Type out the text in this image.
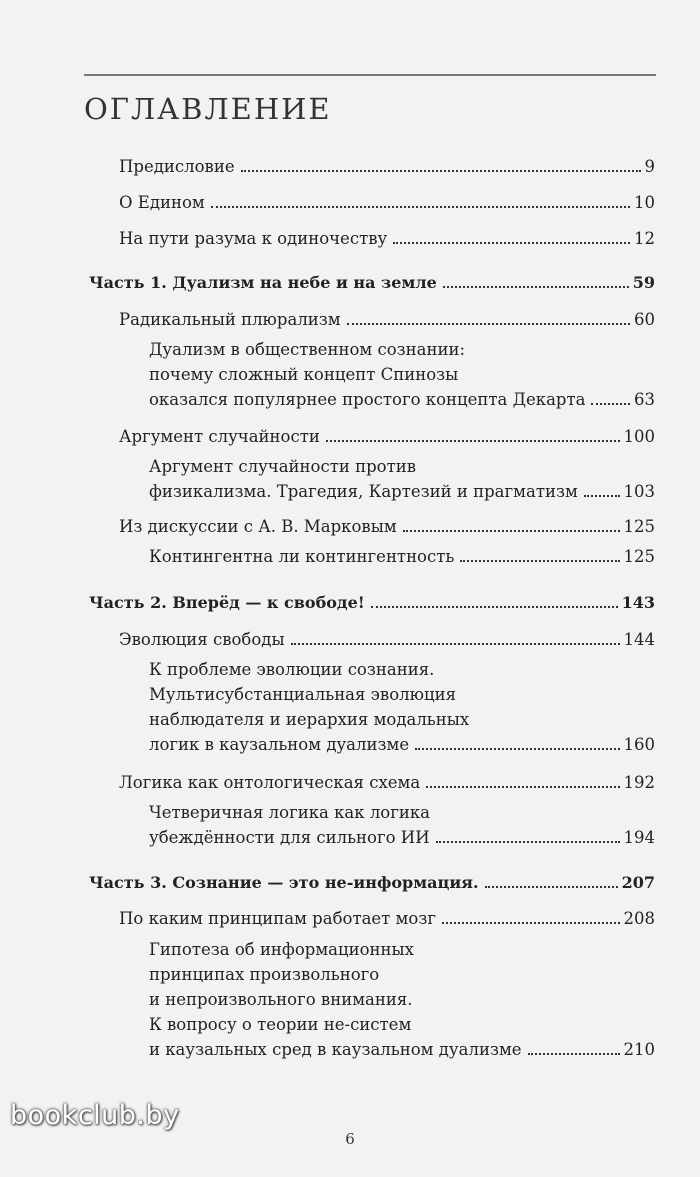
ОГЛАВЛЕНИЕ
Предисловие	9
О Едином	10
На пути разума к одиночеству	12
Часть 1. Дуализм на небе и на земле	59
Радикальный плюрализм	60
Дуализм в общественном сознании:
почему сложный концепт Спинозы
оказался популярнее простого концепта Декарта	63
Аргумент случайности	100
Аргумент случайности против
физикализма. Трагедия, Картезий и прагматизм	103
Из дискуссии с А. В. Марковым	125
Контингентна ли контингентность	125
Часть 2. Вперёд — к свободе!	143
Эволюция свободы	144
К проблеме эволюции сознания.
Мультисубстанциальная эволюция
наблюдателя и иерархия модальных
логик в каузальном дуализме	160
Логика как онтологическая схема	192
Четверичная логика как логика
убеждённости для сильного ИИ	194
Часть 3. Сознание — это не-информация.	207
По каким принципам работает мозг	208
Гипотеза об информационных
принципах произвольного
и непроизвольного внимания.
К вопросу о теории не-систем
и каузальных сред в каузальном дуализме	210
6
bookclub.by
